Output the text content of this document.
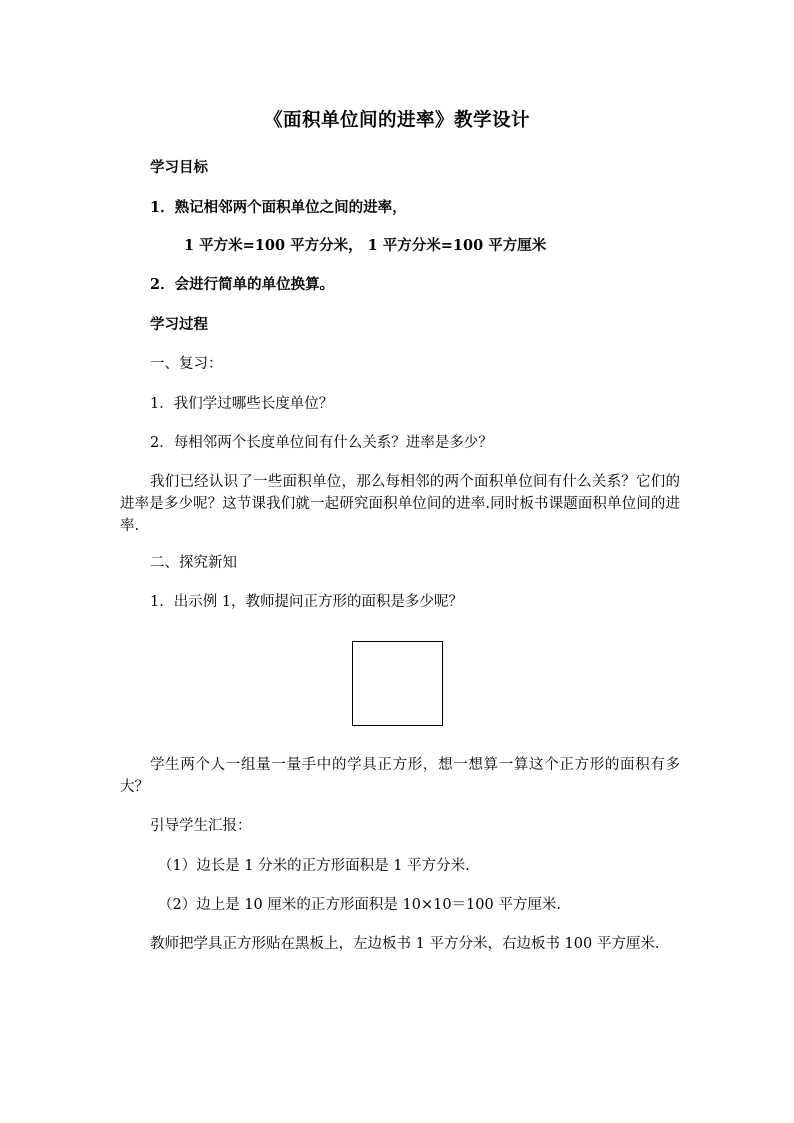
《面积单位间的进率》教学设计
学习目标
1．熟记相邻两个面积单位之间的进率，
1 平方米=100 平方分米， 1 平方分米=100 平方厘米
2．会进行简单的单位换算。
学习过程
一、复习：
1．我们学过哪些长度单位？
2．每相邻两个长度单位间有什么关系？进率是多少？
我们已经认识了一些面积单位，那么每相邻的两个面积单位间有什么关系？它们的进率是多少呢？这节课我们就一起研究面积单位间的进率.同时板书课题面积单位间的进率.
二、探究新知
1．出示例 1，教师提问正方形的面积是多少呢？
学生两个人一组量一量手中的学具正方形，想一想算一算这个正方形的面积有多大？
引导学生汇报：
（1）边长是 1 分米的正方形面积是 1 平方分米.
（2）边上是 10 厘米的正方形面积是 10×10＝100 平方厘米.
教师把学具正方形贴在黑板上，左边板书 1 平方分米，右边板书 100 平方厘米.
